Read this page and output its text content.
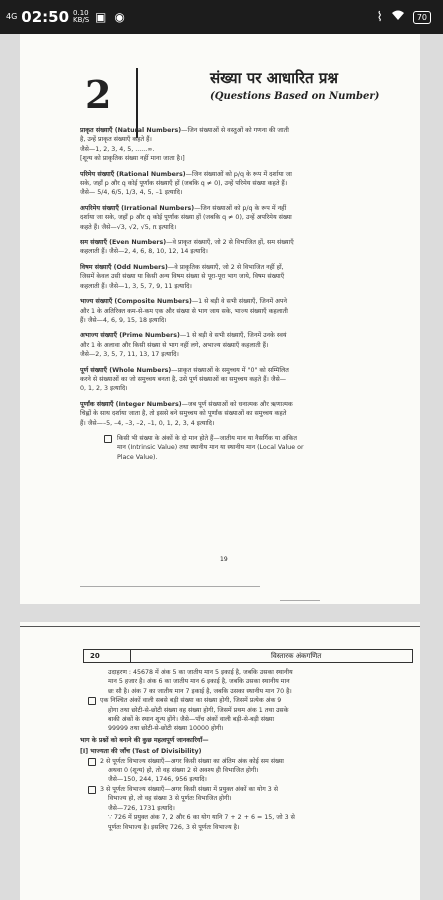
4G 02:50 0.10
KB/S ▣ ◉	⌇	70
2	संख्या पर आधारित प्रश्न
(Questions Based on Number)
प्राकृत संख्याएँ (Natural Numbers)—जिन संख्याओं से वस्तुओं को गणना की जाती
है, उन्हें प्राकृत संख्याएँ कहते हैं।
जैसे—1, 2, 3, 4, 5, ......∞.
[शून्य को प्राकृतिक संख्या नहीं माना जाता है।]
परिमेय संख्याएँ (Rational Numbers)—जिन संख्याओं को p/q के रूप में दर्शाया जा
सके, जहाँ p और q कोई पूर्णांक संख्याएँ हों (जबकि q ≠ 0), उन्हें परिमेय संख्या कहते हैं।
जैसे— 5/4, 6/5, 1/3, 4, 5, –1 इत्यादि।
अपरिमेय संख्याएँ (Irrational Numbers)—जिन संख्याओं को p/q के रूप में नहीं
दर्शाया जा सके, जहाँ p और q कोई पूर्णांक संख्या हों (जबकि q ≠ 0), उन्हें अपरिमेय संख्या
कहते हैं। जैसे—√3, √2, √5, π इत्यादि।
सम संख्याएँ (Even Numbers)—वे प्राकृत संख्याएँ, जो 2 से विभाजित हों, सम संख्याएँ
कहलाती हैं। जैसे—2, 4, 6, 8, 10, 12, 14 इत्यादि।
विषम संख्याएँ (Odd Numbers)—वे प्राकृतिक संख्याएँ, जो 2 से विभाजित नहीं हों,
जिसमें केवल उसी संख्या या किसी अन्य विषम संख्या से पूरा-पूरा भाग जाये, विषम संख्याएँ
कहलाती हैं। जैसे—1, 3, 5, 7, 9, 11 इत्यादि।
भाज्य संख्याएँ (Composite Numbers)—1 से बड़ी वे सभी संख्याएँ, जिनमें अपने
और 1 के अतिरिक्त कम-से-कम एक और संख्या से भाग जाय सके, भाज्य संख्याएँ कहलाती
हैं। जैसे—4, 6, 9, 15, 18 इत्यादि।
अभाज्य संख्याएँ (Prime Numbers)—1 से बड़ी वे सभी संख्याएँ, जिनमें उनके स्वयं
और 1 के अलावा और किसी संख्या से भाग नहीं लगे, अभाज्य संख्याएँ कहलाती हैं।
जैसे—2, 3, 5, 7, 11, 13, 17 इत्यादि।
पूर्ण संख्याएँ (Whole Numbers)—प्राकृत संख्याओं के समुच्चय में "0" को सम्मिलित
करने से संख्याओं का जो समुच्चय बनता है, उसे पूर्ण संख्याओं का समुच्चय कहते हैं। जैसे—
0, 1, 2, 3 इत्यादि।
पूर्णांक संख्याएँ (Integer Numbers)—जब पूर्ण संख्याओं को धनात्मक और ऋणात्मक
चिह्नों के साथ दर्शाया जाता है, तो इससे बने समुच्चय को पूर्णांक संख्याओं का समुच्चय कहते
हैं। जैसे—–5, –4, –3, –2, –1, 0, 1, 2, 3, 4 इत्यादि।
किसी भी संख्या के अंकों के दो मान होते हैं—जातीय मान या नैसर्गिक या अंकित
मान (Intrinsic Value) तथा स्थानीय मान या स्थानीय मान (Local Value or
Place Value).
19
20	विस्तारक अंकगणित
उदाहरण : 45678 में अंक 5 का जातीय मान 5 इकाई है, जबकि उसका स्थानीय
मान 5 हजार है। अंक 6 का जातीय मान 6 इकाई है, जबकि उसका स्थानीय मान
छः सौ है। अंक 7 का जातीय मान 7 इकाई है, जबकि उसका स्थानीय मान 70 है।
एक निश्चित अंकों वाली सबसे बड़ी संख्या का संख्या होगी, जिसमें प्रत्येक अंक 9
होगा तथा छोटी-से-छोटी संख्या वह संख्या होगी, जिसमें प्रथम अंक 1 तथा उसके
बाकी अंकों के स्थान शून्य होंगे। जैसे—पाँच अंकों वाली बड़ी-से-बड़ी संख्या
99999 तथा छोटी-से-छोटी संख्या 10000 होगी।
भाग के प्रश्नों को बनाने की कुछ महत्वपूर्ण जानकारियाँ—
[I] भाज्यता की जाँच (Test of Divisibility)
2 से पूर्णतः विभाज्य संख्याएँ—अगर किसी संख्या का अंतिम अंक कोई सम संख्या
अथवा 0 (शून्य) हो, तो वह संख्या 2 से अवश्य ही विभाजित होगी।
जैसे—150, 244, 1746, 956 इत्यादि।
3 से पूर्णतः विभाज्य संख्याएँ—अगर किसी संख्या में प्रयुक्त अंकों का योग 3 से
विभाज्य हो, तो वह संख्या 3 से पूर्णतः विभाजित होगी।
जैसे—726, 1731 इत्यादि।
∵ 726 में प्रयुक्त अंक 7, 2 और 6 का योग यानि 7 + 2 + 6 = 15, जो 3 से
पूर्णतः विभाज्य है। इसलिए 726, 3 से पूर्णतः विभाज्य है।
